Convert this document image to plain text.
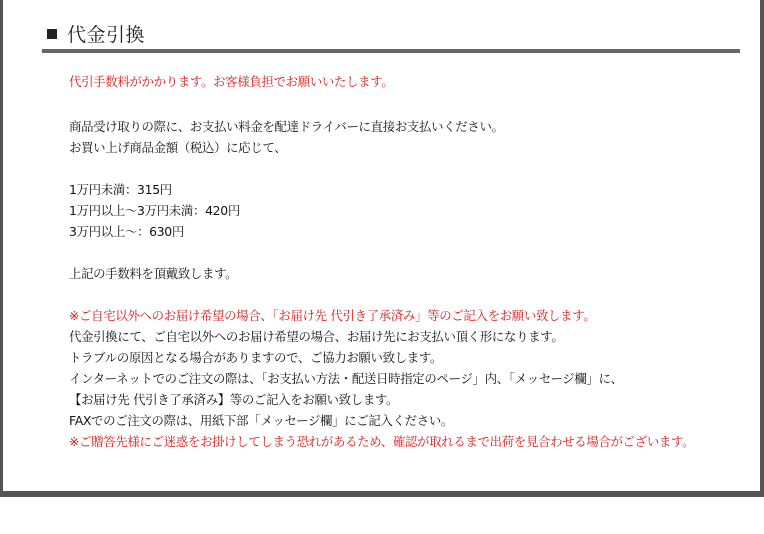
代金引換
代引手数料がかかります。お客様負担でお願いいたします。
商品受け取りの際に、お支払い料金を配達ドライバーに直接お支払いください。
お買い上げ商品金額（税込）に応じて、
1万円未満：315円
1万円以上〜3万円未満：420円
3万円以上〜：630円
上記の手数料を頂戴致します。
※ご自宅以外へのお届け希望の場合、「お届け先 代引き了承済み」等のご記入をお願い致します。
代金引換にて、ご自宅以外へのお届け希望の場合、お届け先にお支払い頂く形になります。
トラブルの原因となる場合がありますので、ご協力お願い致します。
インターネットでのご注文の際は、「お支払い方法・配送日時指定のページ」内、「メッセージ欄」に、
【お届け先 代引き了承済み】等のご記入をお願い致します。
FAXでのご注文の際は、用紙下部「メッセージ欄」にご記入ください。
※ご贈答先様にご迷惑をお掛けしてしまう恐れがあるため、確認が取れるまで出荷を見合わせる場合がございます。
